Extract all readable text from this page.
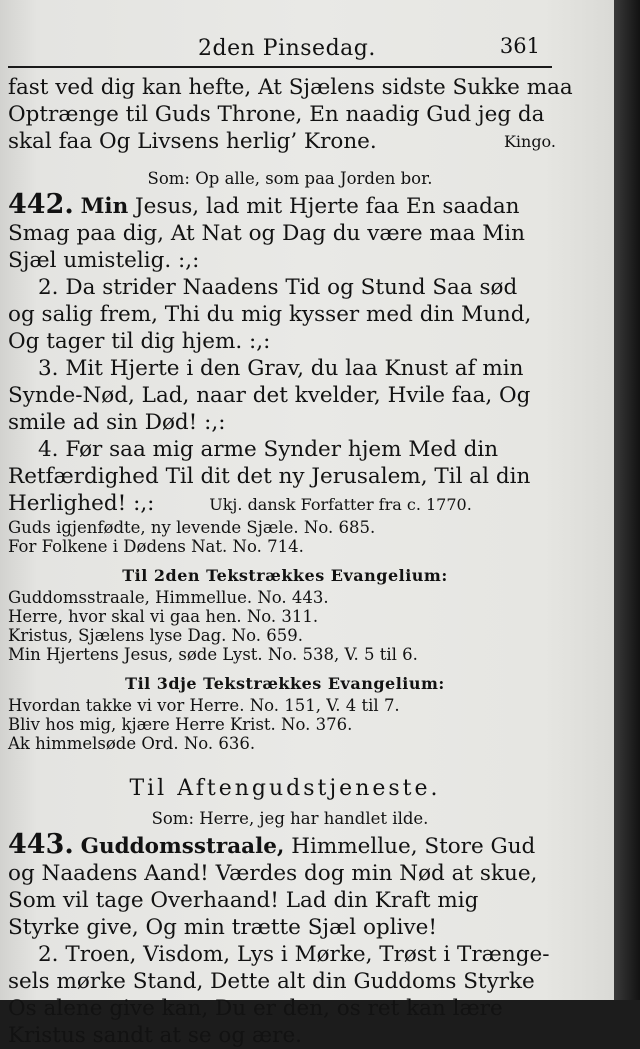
2den Pinsedag.	361
fast ved dig kan hefte, At Sjælens sidste Sukke maa
Optrænge til Guds Throne, En naadig Gud jeg da
skal faa Og Livsens herlig’ Krone.	Kingo.
Som: Op alle, som paa Jorden bor.
442. Min Jesus, lad mit Hjerte faa En saadan
Smag paa dig, At Nat og Dag du være maa Min
Sjæl umistelig. :,:
2. Da strider Naadens Tid og Stund Saa sød
og salig frem, Thi du mig kysser med din Mund,
Og tager til dig hjem. :,:
3. Mit Hjerte i den Grav, du laa Knust af min
Synde-Nød, Lad, naar det kvelder, Hvile faa, Og
smile ad sin Død! :,:
4. Før saa mig arme Synder hjem Med din
Retfærdighed Til dit det ny Jerusalem, Til al din
Herlighed! :,:	Ukj. dansk Forfatter fra c. 1770.
Guds igjenfødte, ny levende Sjæle. No. 685.
For Folkene i Dødens Nat. No. 714.
Til 2den Tekstrækkes Evangelium:
Guddomsstraale, Himmellue. No. 443.
Herre, hvor skal vi gaa hen. No. 311.
Kristus, Sjælens lyse Dag. No. 659.
Min Hjertens Jesus, søde Lyst. No. 538, V. 5 til 6.
Til 3dje Tekstrækkes Evangelium:
Hvordan takke vi vor Herre. No. 151, V. 4 til 7.
Bliv hos mig, kjære Herre Krist. No. 376.
Ak himmelsøde Ord. No. 636.
Til Aftengudstjeneste.
Som: Herre, jeg har handlet ilde.
443. Guddomsstraale, Himmellue, Store Gud
og Naadens Aand! Værdes dog min Nød at skue,
Som vil tage Overhaand! Lad din Kraft mig
Styrke give, Og min trætte Sjæl oplive!
2. Troen, Visdom, Lys i Mørke, Trøst i Trænge-
sels mørke Stand, Dette alt din Guddoms Styrke
Os alene give kan, Du er den, os ret kan lære
Kristus sandt at se og ære.
